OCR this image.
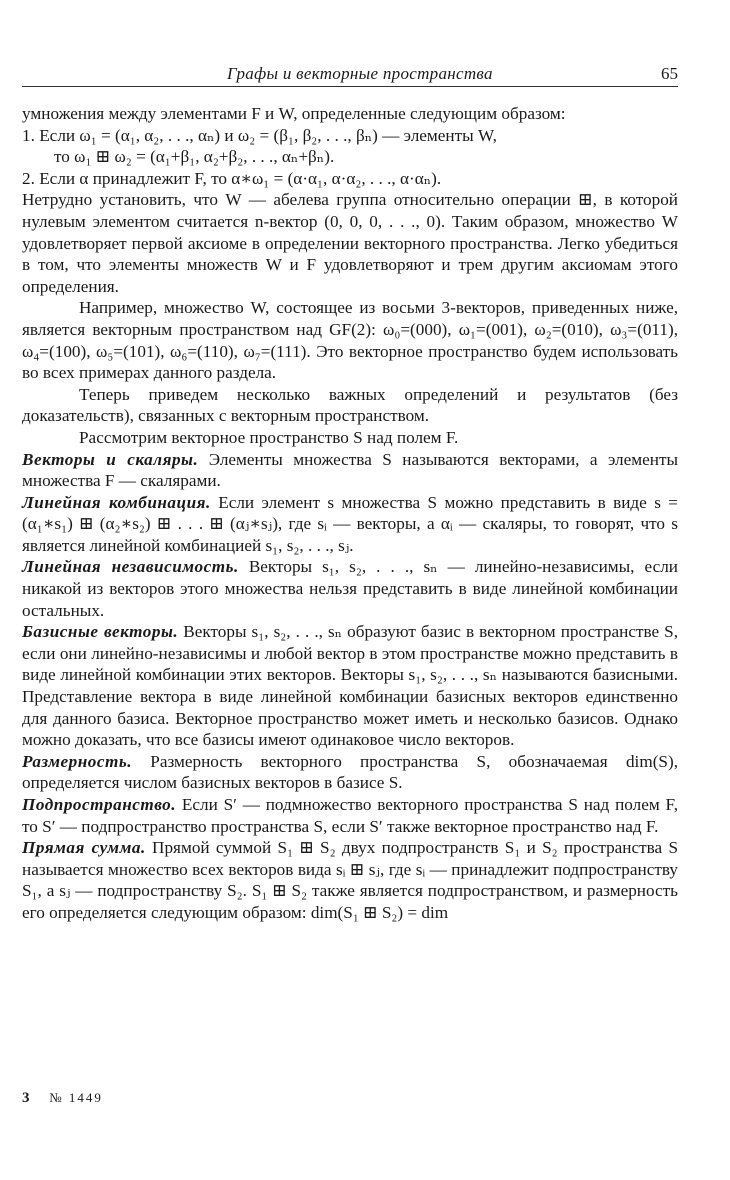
Графы и векторные пространства	65

умножения между элементами F и W, определенные следующим образом:

1. Если ω₁ = (α₁, α₂, . . ., αₙ) и ω₂ = (β₁, β₂, . . ., βₙ) — элементы W,

то ω₁ ⊞ ω₂ = (α₁+β₁, α₂+β₂, . . ., αₙ+βₙ).

2. Если α принадлежит F, то α∗ω₁ = (α·α₁, α·α₂, . . ., α·αₙ).

Нетрудно установить, что W — абелева группа относительно операции ⊞, в которой нулевым элементом считается n-вектор (0, 0, 0, . . ., 0). Таким образом, множество W удовлетворяет первой аксиоме в определении векторного пространства. Легко убедиться в том, что элементы множеств W и F удовлетворяют и трем другим аксиомам этого определения.

Например, множество W, состоящее из восьми 3-векторов, приведенных ниже, является векторным пространством над GF(2): ω₀=(000), ω₁=(001), ω₂=(010), ω₃=(011), ω₄=(100), ω₅=(101), ω₆=(110), ω₇=(111). Это векторное пространство будем использовать во всех примерах данного раздела.

Теперь приведем несколько важных определений и результатов (без доказательств), связанных с векторным пространством.

Рассмотрим векторное пространство S над полем F.

Векторы и скаляры. Элементы множества S называются векторами, а элементы множества F — скалярами.

Линейная комбинация. Если элемент s множества S можно представить в виде s = (α₁∗s₁) ⊞ (α₂∗s₂) ⊞ . . . ⊞ (αⱼ∗sⱼ), где sᵢ — векторы, а αᵢ — скаляры, то говорят, что s является линейной комбинацией s₁, s₂, . . ., sⱼ.

Линейная независимость. Векторы s₁, s₂, . . ., sₙ — линейно-независимы, если никакой из векторов этого множества нельзя представить в виде линейной комбинации остальных.

Базисные векторы. Векторы s₁, s₂, . . ., sₙ образуют базис в векторном пространстве S, если они линейно-независимы и любой вектор в этом пространстве можно представить в виде линейной комбинации этих векторов. Векторы s₁, s₂, . . ., sₙ называются базисными. Представление вектора в виде линейной комбинации базисных векторов единственно для данного базиса. Векторное пространство может иметь и несколько базисов. Однако можно доказать, что все базисы имеют одинаковое число векторов.

Размерность. Размерность векторного пространства S, обозначаемая dim(S), определяется числом базисных векторов в базисе S.

Подпространство. Если S′ — подмножество векторного пространства S над полем F, то S′ — подпространство пространства S, если S′ также векторное пространство над F.

Прямая сумма. Прямой суммой S₁ ⊞ S₂ двух подпространств S₁ и S₂ пространства S называется множество всех векторов вида sᵢ ⊞ sⱼ, где sᵢ — принадлежит подпространству S₁, а sⱼ — подпространству S₂. S₁ ⊞ S₂ также является подпространством, и размерность его определяется следующим образом: dim(S₁ ⊞ S₂) = dim

3 № 1449
